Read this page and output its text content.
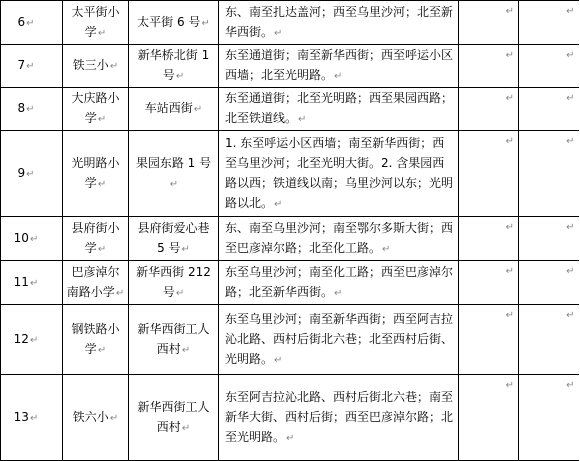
6↵	太平街小学↵	太平街 6 号↵	东、南至扎达盖河；西至乌里沙河；北至新华西街。↵	↵	↵

7↵	铁三小↵	新华桥北街 1 号↵	东至通道街；南至新华西街；西至呼运小区西墙；北至光明路。↵	↵	↵

8↵	大庆路小学↵	车站西街↵	东至通道街；北至光明路；西至果园西路；北至铁道线。↵	↵	↵

9↵	光明路小学↵	果园东路 1 号↵	1. 东至呼运小区西墙；南至新华西街；西至乌里沙河；北至光明大街。2. 含果园西路以西；铁道线以南；乌里沙河以东；光明路以北。↵	↵	↵

10↵	县府街小学↵	县府街爱心巷 5 号↵	东、南至乌里沙河；南至鄂尔多斯大街；西至巴彦淖尔路；北至化工路。↵	↵	↵

11↵	巴彦淖尔南路小学↵	新华西街 212 号↵	东至乌里沙河；南至化工路；西至巴彦淖尔路；北至新华西街。↵	↵	↵

12↵	钢铁路小学↵	新华西街工人西村↵	东至乌里沙河；南至新华西街；西至阿吉拉沁北路、西村后街北六巷；北至西村后街、光明路。↵	↵	↵

13↵	铁六小↵	新华西街工人西村↵	东至阿吉拉沁北路、西村后街北六巷；南至新华大街、西村后街；西至巴彦淖尔路；北至光明路。↵	↵	↵
